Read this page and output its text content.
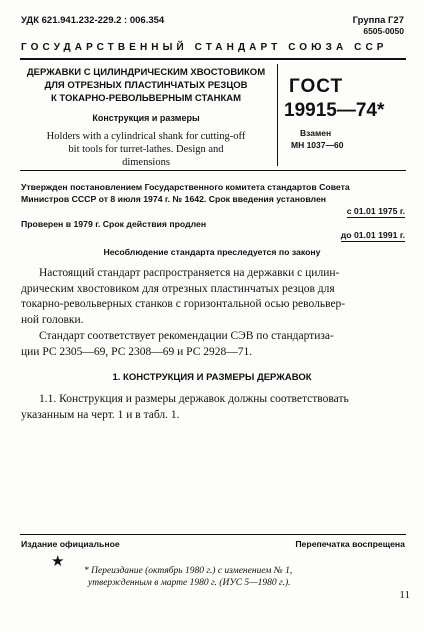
УДК 621.941.232-229.2 : 006.354	Группа Г27
6505-0050
ГОСУДАРСТВЕННЫЙ СТАНДАРТ СОЮЗА ССР
ДЕРЖАВКИ С ЦИЛИНДРИЧЕСКИМ ХВОСТОВИКОМ
ДЛЯ ОТРЕЗНЫХ ПЛАСТИНЧАТЫХ РЕЗЦОВ
К ТОКАРНО-РЕВОЛЬВЕРНЫМ СТАНКАМ
Конструкция и размеры
Holders with a cylindrical shank for cutting-off
bit tools for turret-lathes. Design and
dimensions
ГОСТ
19915—74*
Взамен
МН 1037—60
Утвержден постановлением Государственного комитета стандартов Совета
Министров СССР от 8 июля 1974 г. № 1642. Срок введения установлен
с 01.01 1975 г.
Проверен в 1979 г. Срок действия продлен
до 01.01 1991 г.
Несоблюдение стандарта преследуется по закону
Настоящий стандарт распространяется на державки с цилин-
дрическим хвостовиком для отрезных пластинчатых резцов для
токарно-револьверных станков с горизонтальной осью револьвер-
ной головки.
Стандарт соответствует рекомендации СЭВ по стандартиза-
ции РС 2305—69, РС 2308—69 и РС 2928—71.
1. КОНСТРУКЦИЯ И РАЗМЕРЫ ДЕРЖАВОК
1.1. Конструкция и размеры державок должны соответствовать
указанным на черт. 1 и в табл. 1.
Издание официальное	Перепечатка воспрещена
★
* Переиздание (октябрь 1980 г.) с изменением № 1,
утвержденным в марте 1980 г. (ИУС 5—1980 г.).
11
